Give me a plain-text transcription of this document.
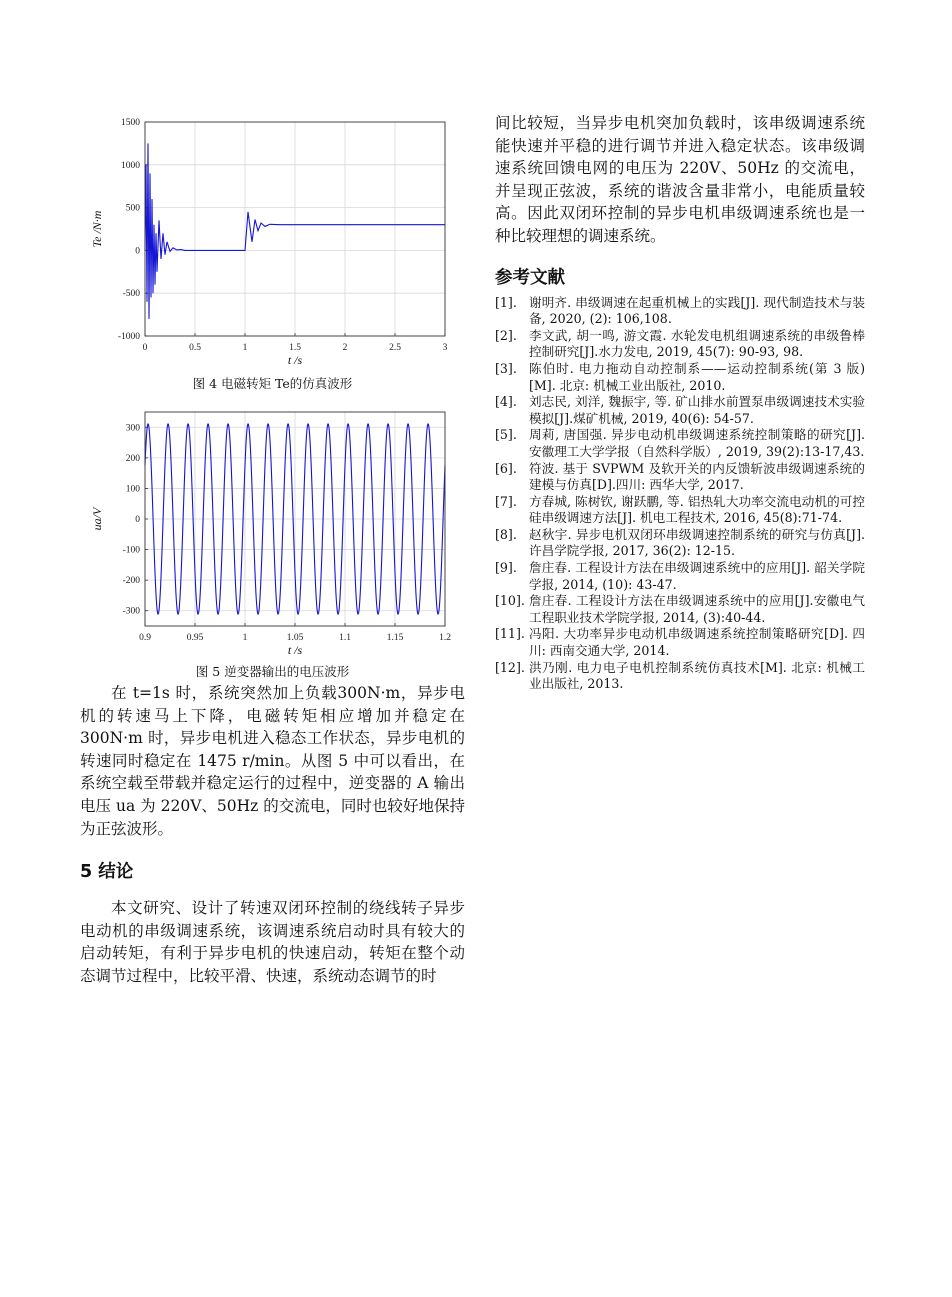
0	0.5	1	1.5	2	2.5	3
-1000
-500
0
500
1000
1500
t /s
Te /N·m
图 4 电磁转矩 Te的仿真波形
0.9	0.95	1	1.05	1.1	1.15	1.2
-300
-200
-100
0
100
200
300
t /s
ua/V
图 5 逆变器输出的电压波形

在 t=1s 时，系统突然加上负载300N·m，异步电机的转速马上下降，电磁转矩相应增加并稳定在 300N·m 时，异步电机进入稳态工作状态，异步电机的转速同时稳定在 1475 r/min。从图 5 中可以看出，在系统空载至带载并稳定运行的过程中，逆变器的 A 输出电压 ua 为 220V、50Hz 的交流电，同时也较好地保持为正弦波形。

5 结论

本文研究、设计了转速双闭环控制的绕线转子异步电动机的串级调速系统，该调速系统启动时具有较大的启动转矩，有利于异步电机的快速启动，转矩在整个动态调节过程中，比较平滑、快速，系统动态调节的时

间比较短，当异步电机突加负载时，该串级调速系统能快速并平稳的进行调节并进入稳定状态。该串级调速系统回馈电网的电压为 220V、50Hz 的交流电，并呈现正弦波，系统的谐波含量非常小，电能质量较高。因此双闭环控制的异步电机串级调速系统也是一种比较理想的调速系统。

参考文献
[1]. 谢明齐. 串级调速在起重机械上的实践[J]. 现代制造技术与装备, 2020, (2): 106,108.
[2]. 李文武, 胡一鸣, 游文霞. 水轮发电机组调速系统的串级鲁棒控制研究[J].水力发电, 2019, 45(7): 90-93, 98.
[3]. 陈伯时. 电力拖动自动控制系——运动控制系统(第 3 版)[M]. 北京: 机械工业出版社, 2010.
[4]. 刘志民, 刘洋, 魏振宇, 等. 矿山排水前置泵串级调速技术实验模拟[J].煤矿机械, 2019, 40(6): 54-57.
[5]. 周莉, 唐国强. 异步电动机串级调速系统控制策略的研究[J]. 安徽理工大学学报（自然科学版）, 2019, 39(2):13-17,43.
[6]. 符波. 基于 SVPWM 及软开关的内反馈斩波串级调速系统的建模与仿真[D].四川: 西华大学, 2017.
[7]. 方春城, 陈树钦, 谢跃鹏, 等. 铝热轧大功率交流电动机的可控硅串级调速方法[J]. 机电工程技术, 2016, 45(8):71-74.
[8]. 赵秋宇. 异步电机双闭环串级调速控制系统的研究与仿真[J]. 许昌学院学报, 2017, 36(2): 12-15.
[9]. 詹庄春. 工程设计方法在串级调速系统中的应用[J]. 韶关学院学报, 2014, (10): 43-47.
[10]. 詹庄春. 工程设计方法在串级调速系统中的应用[J].安徽电气工程职业技术学院学报, 2014, (3):40-44.
[11]. 冯阳. 大功率异步电动机串级调速系统控制策略研究[D]. 四川: 西南交通大学, 2014.
[12]. 洪乃刚. 电力电子电机控制系统仿真技术[M]. 北京: 机械工业出版社, 2013.
